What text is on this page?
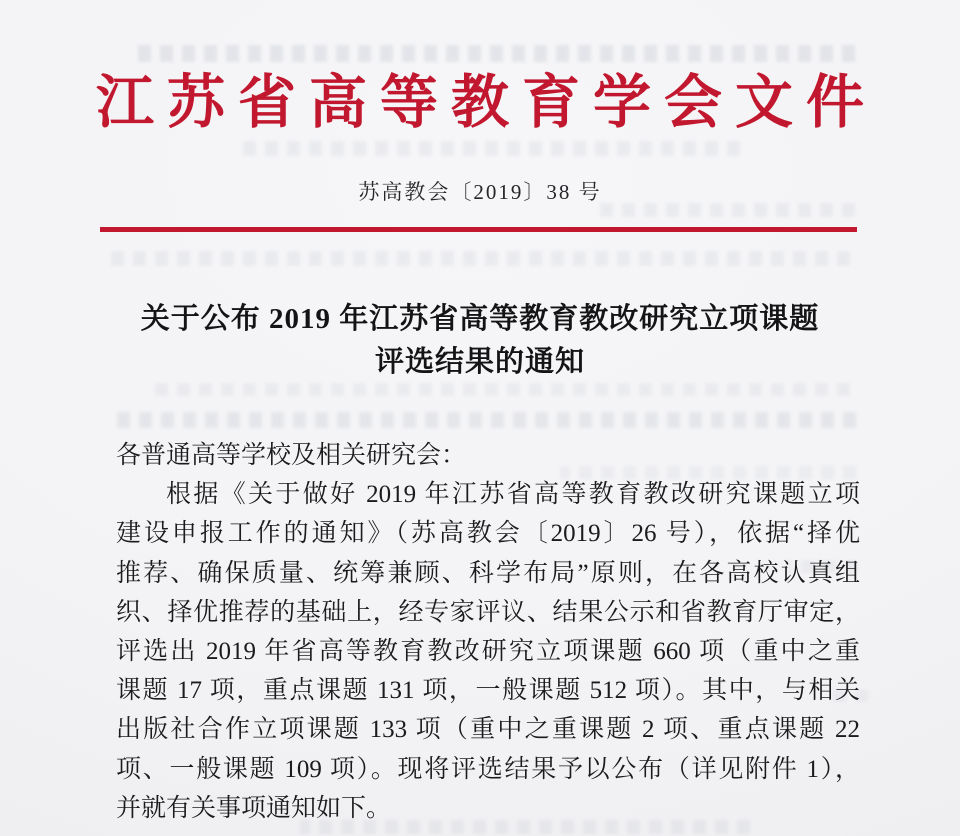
江苏省高等教育学会文件
苏高教会〔2019〕38 号
关于公布 2019 年江苏省高等教育教改研究立项课题
评选结果的通知
各普通高等学校及相关研究会：
根据《关于做好 2019 年江苏省高等教育教改研究课题立项
建设申报工作的通知》（苏高教会〔2019〕26 号），依据“择优
推荐、确保质量、统筹兼顾、科学布局”原则，在各高校认真组
织、择优推荐的基础上，经专家评议、结果公示和省教育厅审定，
评选出 2019 年省高等教育教改研究立项课题 660 项（重中之重
课题 17 项，重点课题 131 项，一般课题 512 项）。其中，与相关
出版社合作立项课题 133 项（重中之重课题 2 项、重点课题 22
项、一般课题 109 项）。现将评选结果予以公布（详见附件 1），
并就有关事项通知如下。
